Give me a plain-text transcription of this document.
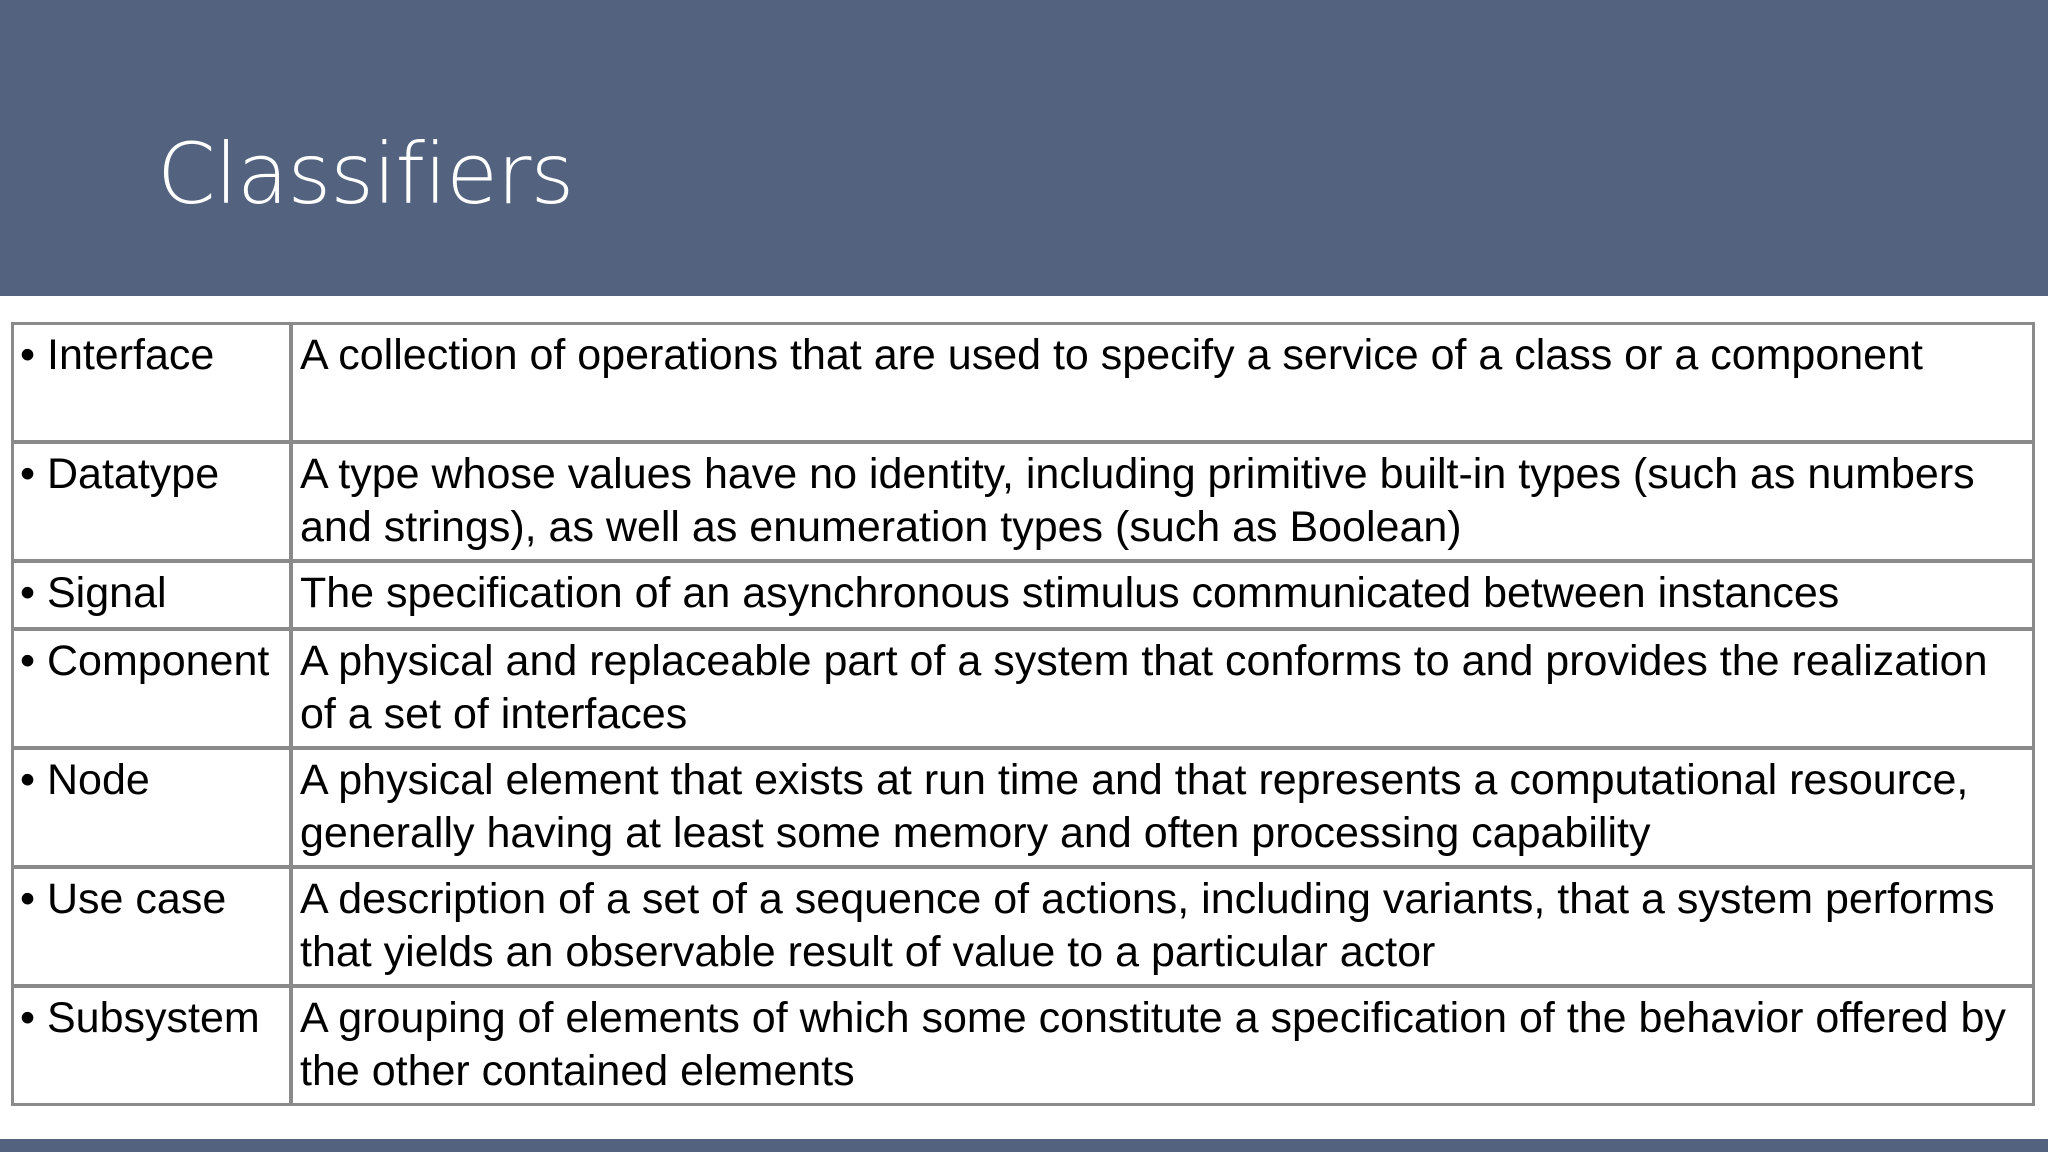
Classifiers
• Interface	A collection of operations that are used to specify a service of a class or a component
• Datatype	A type whose values have no identity, including primitive built-in types (such as numbers and strings), as well as enumeration types (such as Boolean)
• Signal	The specification of an asynchronous stimulus communicated between instances
• Component	A physical and replaceable part of a system that conforms to and provides the realization of a set of interfaces
• Node	A physical element that exists at run time and that represents a computational resource, generally having at least some memory and often processing capability
• Use case	A description of a set of a sequence of actions, including variants, that a system performs that yields an observable result of value to a particular actor
• Subsystem	A grouping of elements of which some constitute a specification of the behavior offered by the other contained elements
